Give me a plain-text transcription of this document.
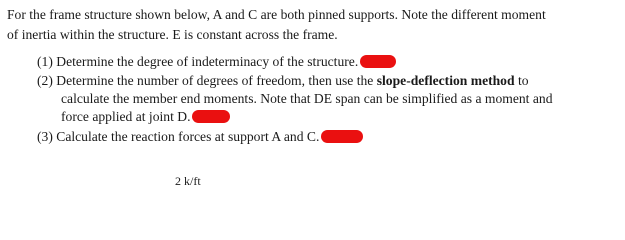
For the frame structure shown below, A and C are both pinned supports. Note the different moment
of inertia within the structure. E is constant across the frame.

(1) Determine the degree of indeterminacy of the structure.

(2) Determine the number of degrees of freedom, then use the slope-deflection method to
calculate the member end moments. Note that DE span can be simplified as a moment and
force applied at joint D.

(3) Calculate the reaction forces at support A and C.

2 k/ft
